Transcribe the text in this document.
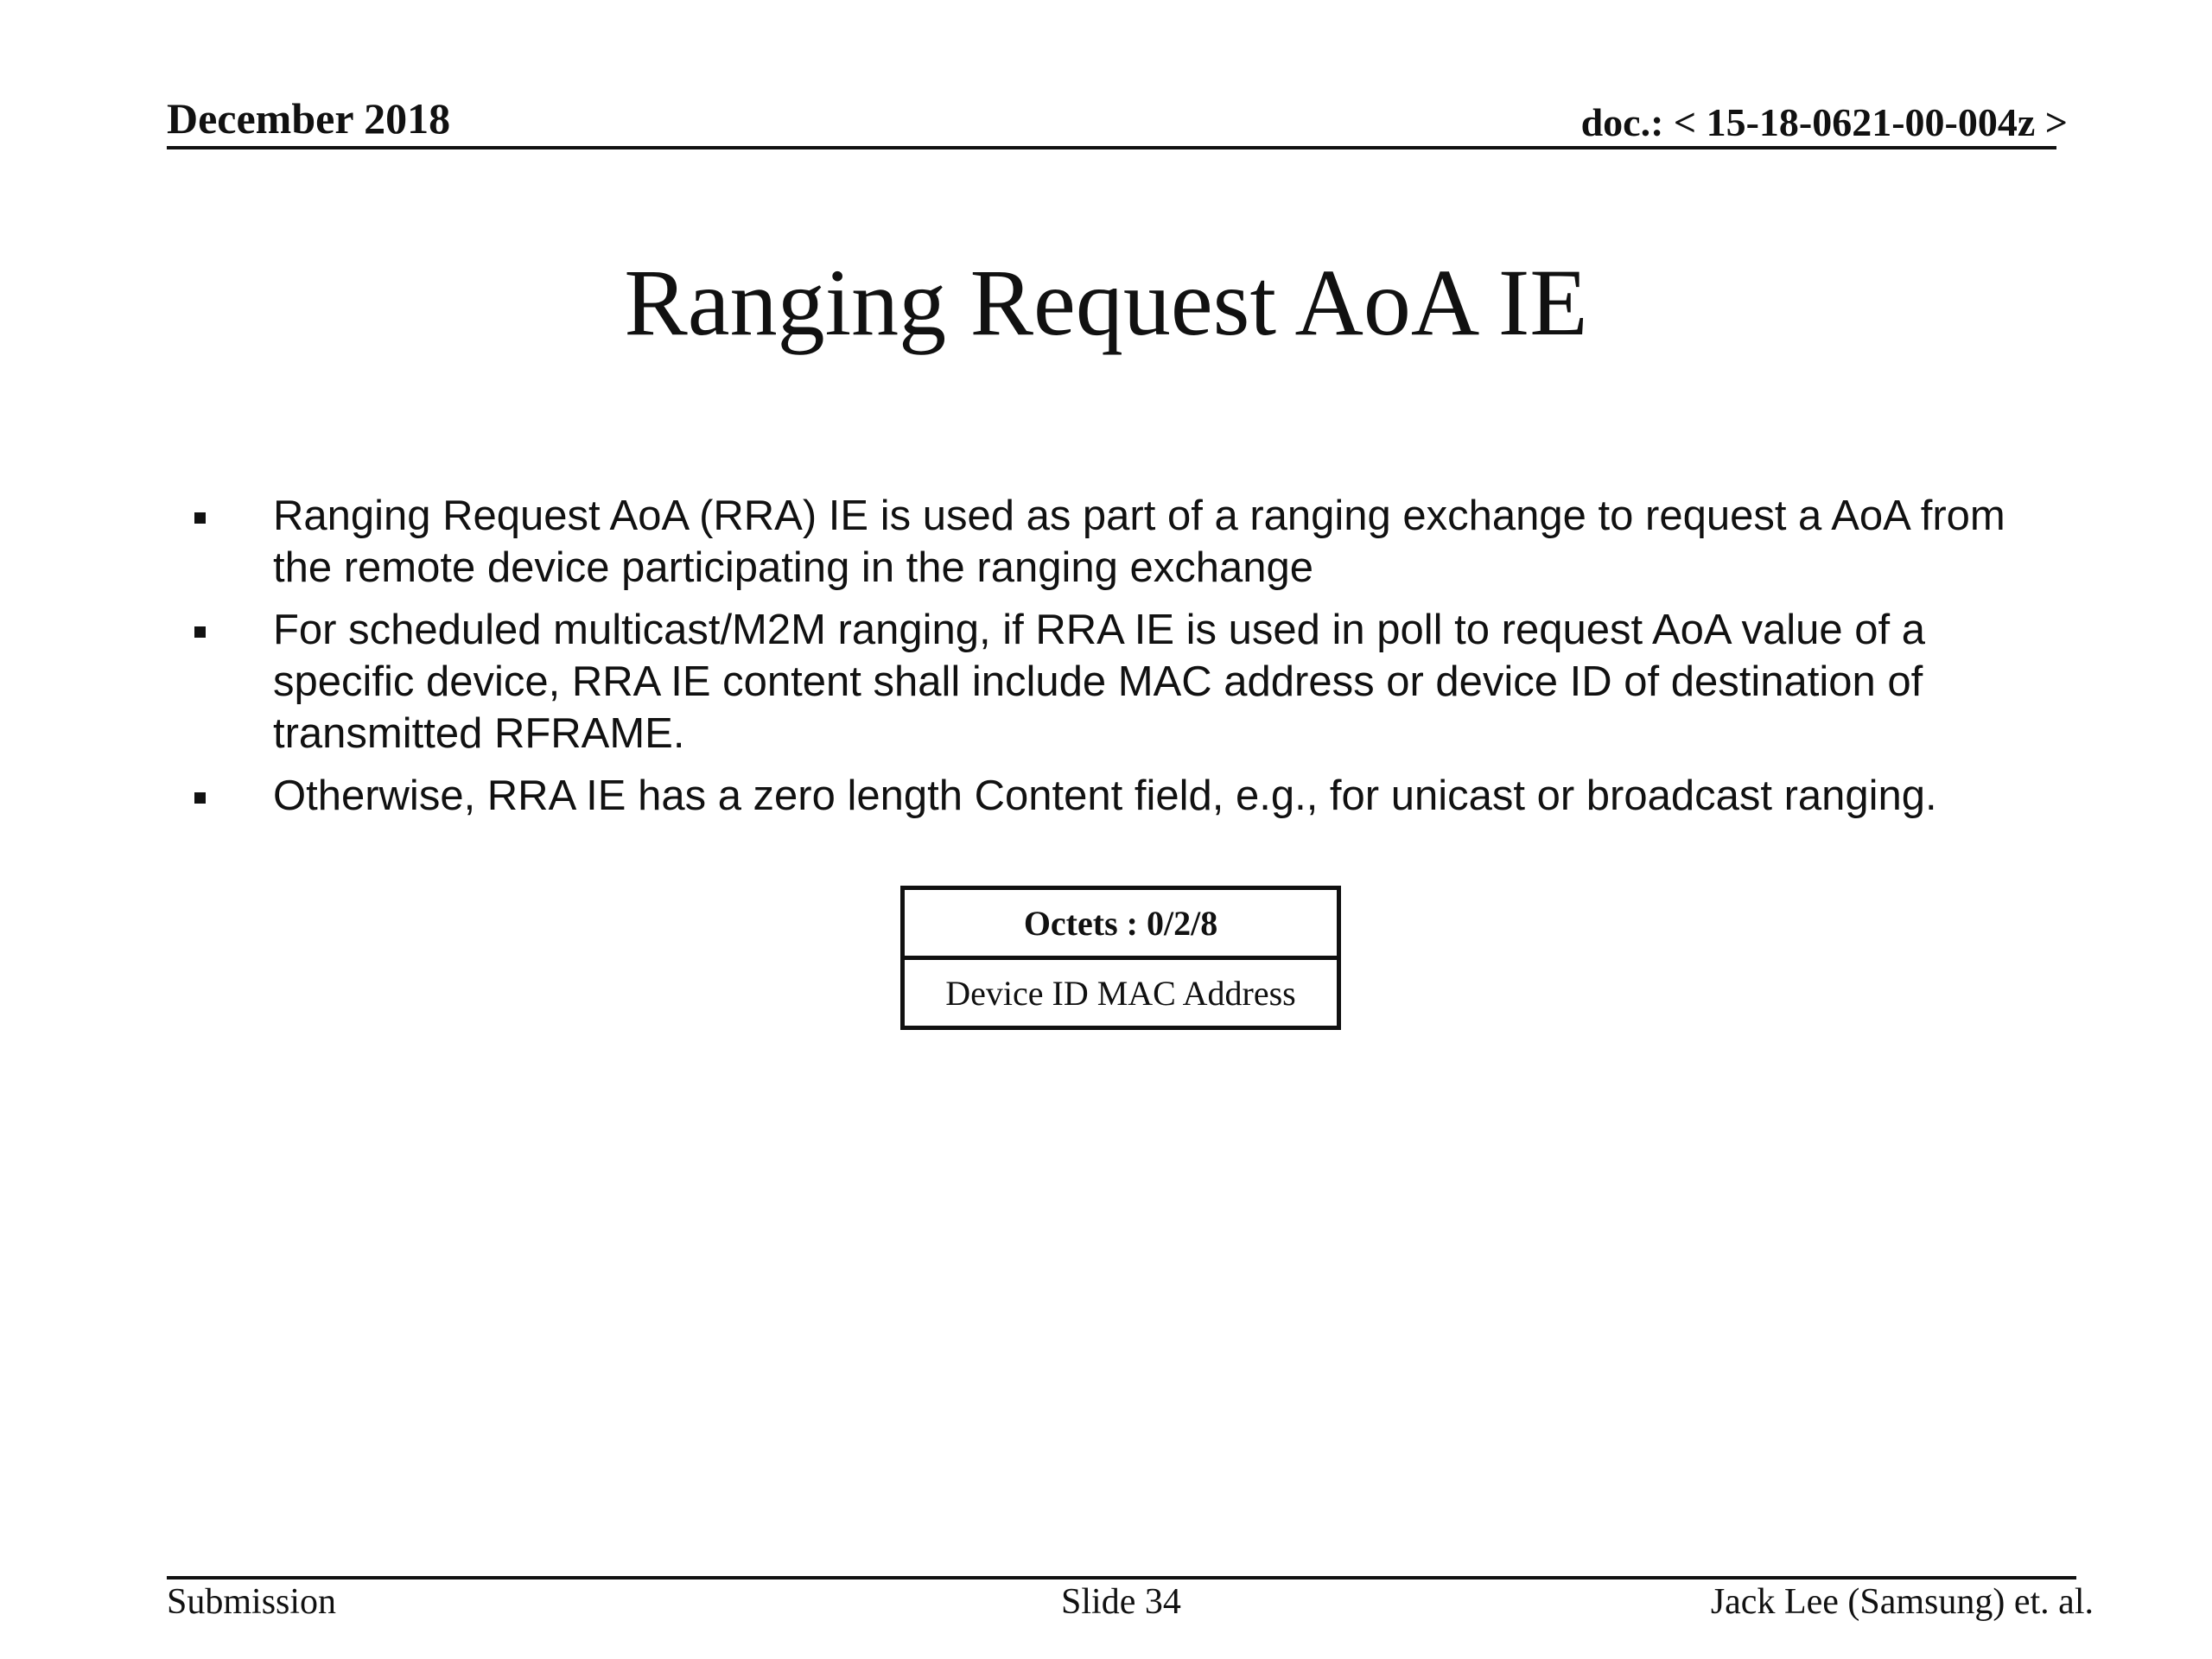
December 2018	doc.: < 15-18-0621-00-004z >
Ranging Request AoA IE
Ranging Request AoA (RRA) IE is used as part of a ranging exchange to request a AoA from the remote device participating in the ranging exchange
For scheduled multicast/M2M ranging, if RRA IE is used in poll to request AoA value of a specific device, RRA IE content shall include MAC address or device ID of destination of transmitted RFRAME.
Otherwise, RRA IE has a zero length Content field, e.g., for unicast or broadcast ranging.
Octets : 0/2/8
Device ID MAC Address
Submission	Slide 34	Jack Lee (Samsung) et. al.
